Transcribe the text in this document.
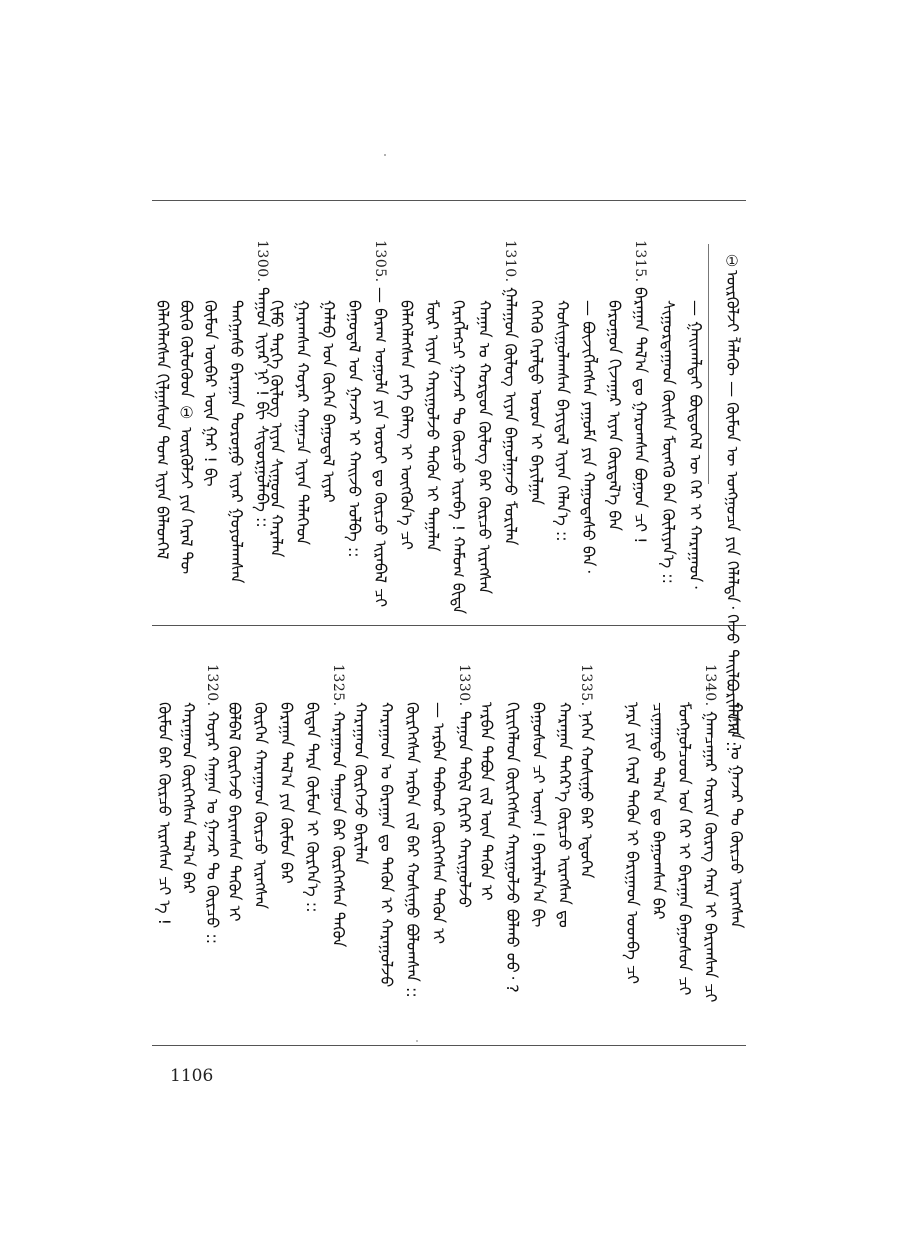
①
ᠦᠷᠭᠦᠯᠵᠢ ᠯᠡᠯᠡᠭᠦ᠋ — ᠬᠦᠮᠦᠨ ᠦ ᠣᠩᠭᠣᠴᠠ ᠶᠢᠨ ᠬᠡᠯᠡᠯᠲᠡ᠂ ᠭᠡᠵᠦ ᠲᠠᠢᠯᠪᠤᠷᠢᠯᠠᠨ᠎ᠠ ::
— ᠭᠠᠢᠬᠠᠯᠲᠠᠢ ᠪᠦᠲᠦᠭᠡᠯ ᠦ ᠭᠡᠷ ᠢ ᠬᠠᠷᠠᠭᠠᠳ᠂
ᠰᠢᠭᠤᠷᠳᠠᠭᠠᠳ ᠬᠦᠢᠰᠡ ᠮᠥᠩᠭᠦ ᠪᠡᠨ ᠬᠦᠯᠢᠶᠡᠨ᠎ᠡ ::
1315.
ᠪᠠᠷᠠᠭᠠᠨ ᠲᠠᠯ᠎ᠠ ᠳᠤ ᠭᠠᠷᠤᠭᠰᠠᠨ ᠪᠣᠭᠣᠨ ᠴᠢ !
ᠪᠠᠷᠤᠭᠤᠨ ᠬᠢᠵᠠᠭᠠᠷ ᠢᠶᠠᠨ ᠬᠦᠷᠲᠡᠯ᠎ᠡ ᠪᠡᠨ
— ᠪᠦᠵᠢᠭᠯᠡᠭᠰᠡᠨ ᠶᠠᠭᠤᠮᠠ ᠶᠢᠨ ᠬᠠᠭᠤᠳᠠᠰᠤ ᠪᠡᠨ᠂
ᠬᠣᠰᠢᠭᠤᠯᠠᠭᠰᠠᠨ ᠪᠠᠶᠢᠳᠠᠯ ᠢᠶᠠᠨ ᠬᠡᠯᠡᠨ᠎ᠡ ::
ᠭᠡᠭᠡᠭᠦ ᠭᠡᠷᠡᠯᠲᠦ ᠣᠷᠣᠨ ᠢ ᠪᠠᠶᠢᠯᠭᠠᠨ
1310.
ᠭᠠᠯᠠᠭᠤᠨ ᠬᠦᠯᠦᠭ ᠢᠶᠡᠨ ᠪᠠᠭᠤᠯᠭᠠᠵᠤ ᠮᠣᠷᠢᠯᠠᠨ
ᠬᠠᠭᠠᠨ ᠤ ᠬᠣᠷᠳᠤᠨ ᠬᠦᠯᠦᠭ ᠪᠡᠷ ᠬᠦᠷᠴᠦ ᠢᠷᠡᠭᠰᠡᠨ
ᠬᠡᠷᠡᠭᠯᠡᠭᠴᠢ ᠭᠠᠵᠠᠷ ᠲᠤ ᠬᠦᠷᠴᠦ ᠢᠷᠡᠪᠡ ! ᠬᠠᠮᠤᠭ ᠪᠢᠳᠡ
ᠮᠥᠷ ᠢᠶᠡᠨ ᠬᠠᠷᠢᠭᠤᠯᠵᠤ ᠲᠡᠭᠦᠨ ᠢ ᠲᠠᠭᠠᠯᠠᠨ
ᠪᠡᠯᠡᠭᠡᠯᠡᠭᠰᠡᠨ ᠶᠡᠬᠡ ᠪᠡᠯᠡᠭ ᠢ ᠥᠭᠭᠦᠨ᠎ᠡ ᠴᠢ
1305.
— ᠪᠠᠷᠠᠭ ᠤᠭᠤᠯᠠ ᠶᠢᠨ ᠣᠷᠤᠢ ᠳᠤ ᠬᠦᠷᠴᠦ ᠢᠷᠡᠪᠡᠯ ᠴᠢ
ᠪᠠᠭᠤᠳᠠᠯ ᠤᠨ ᠭᠠᠵᠠᠷ ᠢ ᠬᠠᠢᠵᠤ ᠣᠯᠪᠠ ::
ᠭᠠᠯᠠᠪ ᠤᠨ ᠬᠥᠭᠡᠨ ᠪᠠᠭᠤᠳᠠᠯ ᠢᠶᠠᠷ
ᠭᠠᠷᠠᠭᠰᠠᠨ ᠬᠣᠶᠠᠷ ᠬᠠᠭᠠᠴᠠ ᠢᠶᠠᠨ ᠳᠡᠯᠡᠭᠡᠳ
ᠬᠢᠮᠤ ᠲᠡᠷᠭᠡ ᠬᠦᠯᠦᠭ ᠢᠶᠡᠨ ᠰᠢᠭᠤᠳ ᠬᠠᠷᠠᠯᠠᠨ
1300.
ᠳᠠᠭᠤᠨ ᠢᠶᠠᠷ ᠨᠢ ! ᠪᠢ ᠰᠢᠳᠤᠷᠭᠤᠯᠠᠪᠠ ::
ᠳᠠᠩᠭᠠᠰᠤ ᠪᠠᠷᠠᠭᠠᠨ ᠲᠤᠷᠤᠭᠤ ᠢᠶᠠᠷ ᠭᠣᠶᠣᠯᠠᠭᠰᠠᠨ
ᠬᠦᠮᠦᠨ ᠥᠪᠡᠷ ᠦᠨ ᠭᠠᠷ ! ᠪᠢ
ᠪᠦᠬᠦ ᠬᠦᠯᠦᠭᠦᠳ ① ᠦᠷᠭᠦᠯᠵᠢ ᠶᠢᠨ ᠭᠡᠷᠡᠯ ᠲᠦ
ᠪᠡᠯᠡᠭᠡᠯᠡᠭᠰᠡᠨ ᠬᠢᠯᠭᠠᠰᠤᠨ ᠲᠤᠭ ᠢᠶᠡᠨ ᠪᠡᠯᠡᠳᠬᠡᠯ
ᠬᠠᠭᠠᠨ ᠤ ᠭᠠᠵᠠᠷ ᠲᠤ ᠬᠦᠷᠴᠦ ᠢᠷᠡᠭᠰᠡᠨ
1340.
ᠭᠠᠭᠴᠠᠭᠠᠷ ᠬᠣᠷᠢᠨ ᠬᠦᠷᠡᠭ ᠬᠠᠷᠠ ᠢ ᠪᠠᠷᠢᠭᠰᠠᠨ ᠴᠢ
ᠮᠣᠩᠭᠣᠯᠴᠤᠳ ᠤᠨ ᠭᠡᠷ ᠢ ᠪᠠᠷᠠᠭᠠᠨ ᠪᠠᠭᠤᠰᠤᠨ ᠴᠢ
ᠴᠢᠨᠠᠭᠠᠳᠤ ᠲᠠᠯ᠎ᠠ ᠳᠤ ᠪᠠᠭᠤᠭᠰᠠᠨ ᠪᠡᠷ
ᠨᠠᠷᠠ ᠶᠢᠨ ᠭᠡᠷᠡᠯ ᠲᠡᠭᠦᠨ ᠢ ᠪᠠᠷᠢᠭᠠᠳ ᠣᠳᠪᠠ ᠴᠢ
1335.
ᠨᠡᠬᠡᠨ ᠬᠣᠰᠢᠭᠤ ᠪᠡᠷ ᠡᠳᠦᠭᠡᠨ
ᠬᠠᠷᠠᠭᠠᠨ ᠳᠡᠭᠡᠷ᠎ᠡ ᠬᠦᠷᠴᠦ ᠢᠷᠡᠭᠰᠡᠨ ᠳᠤ
ᠪᠠᠭᠤᠰᠤᠨ ᠴᠢ ᠦᠨᠡᠨ ! ᠪᠠᠶᠠᠷᠯᠠᠨ᠎ᠠ ᠪᠢ
ᠬᠢᠷᠢᠬᠡᠯᠡᠳ ᠬᠦᠷᠭᠡᠭᠰᠡᠨ ᠬᠠᠷᠢᠭᠤᠯᠵᠤ ᠪᠣᠯᠬᠤ ᠤᠤ᠂ ?
ᠠᠷᠪᠠᠨ ᠲᠠᠪᠤᠨ ᠵᠢᠯ ᠦᠨ ᠲᠡᠭᠦᠨ ᠢ
1330.
ᠳᠠᠭᠤᠨ ᠲᠠᠪᠢᠯ ᠭᠡᠷᠭᠡᠷ ᠬᠠᠷᠢᠭᠤᠯᠵᠤ
— ᠠᠷᠪᠠᠨ ᠳᠠᠪᠬᠤᠷ ᠬᠦᠷᠭᠡᠭᠰᠡᠨ ᠲᠡᠭᠦᠨ ᠢ
ᠬᠦᠷᠭᠡᠭᠰᠡᠨ ᠠᠷᠪᠠᠨ ᠵᠢᠯ ᠪᠡᠷ ᠬᠣᠰᠢᠭᠤ ᠪᠣᠯᠤᠭᠰᠠᠨ ::
ᠬᠠᠷᠠᠭᠠᠳ ᠣ ᠪᠠᠷᠠᠭᠠᠨ ᠳᠤ ᠲᠡᠭᠦᠨ ᠢ ᠬᠠᠷᠠᠭᠤᠯᠵᠤ
ᠬᠠᠷᠠᠭᠠᠳ ᠬᠦᠷᠭᠡᠵᠦ ᠪᠠᠷᠢᠯᠠᠨ
1325.
ᠬᠠᠷᠠᠭᠠᠳ ᠳᠠᠭᠤᠨ ᠪᠡᠷ ᠬᠦᠷᠭᠡᠭᠰᠡᠨ ᠲᠡᠭᠦᠨ
ᠪᠢᠳᠡᠨ ᠲᠡᠷᠡ ᠬᠦᠮᠦᠨ ᠢ ᠬᠦᠷᠭᠡᠨ᠎ᠡ ::
ᠪᠠᠷᠠᠭᠠᠨ ᠲᠠᠯ᠎ᠠ ᠶᠢᠨ ᠬᠦᠮᠦᠨ ᠪᠡᠷ
ᠬᠦᠷᠭᠡᠨ ᠬᠠᠷᠠᠭᠠᠳ ᠬᠦᠷᠴᠦ ᠢᠷᠡᠭᠰᠡᠨ
ᠪᠣᠯᠪᠠᠯ ᠬᠦᠷᠭᠡᠵᠦ ᠪᠠᠷᠢᠭᠰᠠᠨ ᠲᠡᠭᠦᠨ ᠢ
1320.
ᠬᠣᠶᠠᠷ ᠬᠠᠭᠠᠨ ᠤ ᠭᠠᠵᠠᠷ ᠲᠤ ᠬᠦᠷᠴᠦ ::
ᠬᠠᠷᠠᠭᠠᠳ ᠬᠦᠷᠭᠡᠭᠰᠡᠨ ᠲᠠᠯ᠎ᠠ ᠪᠡᠷ
ᠬᠦᠮᠦᠨ ᠪᠠᠷ ᠬᠦᠷᠴᠦ ᠢᠷᠡᠭᠰᠡᠨ ᠴᠢ ᠡ !
1106
